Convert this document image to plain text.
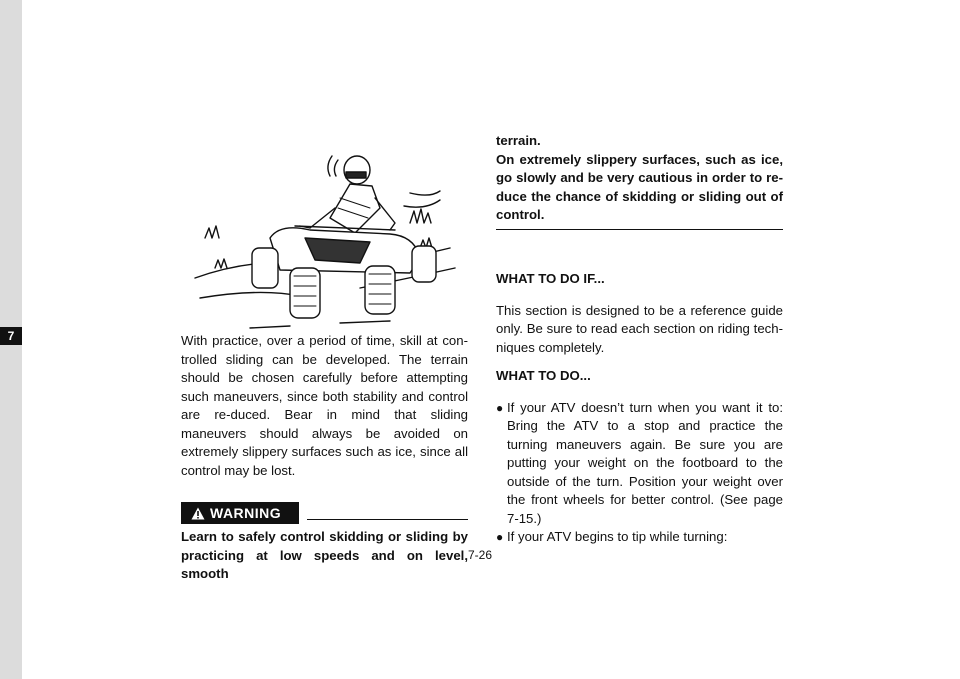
7	With practice, over a period of time, skill at con-trolled sliding can be developed. The terrain should be chosen carefully before attempting such maneuvers, since both stability and control are re-duced. Bear in mind that sliding maneuvers should always be avoided on extremely slippery surfaces such as ice, since all control may be lost.

WARNING

Learn to safely control skidding or sliding by practicing at low speeds and on level, smooth

terrain.

On extremely slippery surfaces, such as ice, go slowly and be very cautious in order to re-duce the chance of skidding or sliding out of control.

WHAT TO DO IF...

This section is designed to be a reference guide only. Be sure to read each section on riding tech-niques completely.

WHAT TO DO...

● If your ATV doesn’t turn when you want it to: Bring the ATV to a stop and practice the turning maneuvers again. Be sure you are putting your weight on the footboard to the outside of the turn. Position your weight over the front wheels for better control. (See page 7-15.)
● If your ATV begins to tip while turning:
7-26
